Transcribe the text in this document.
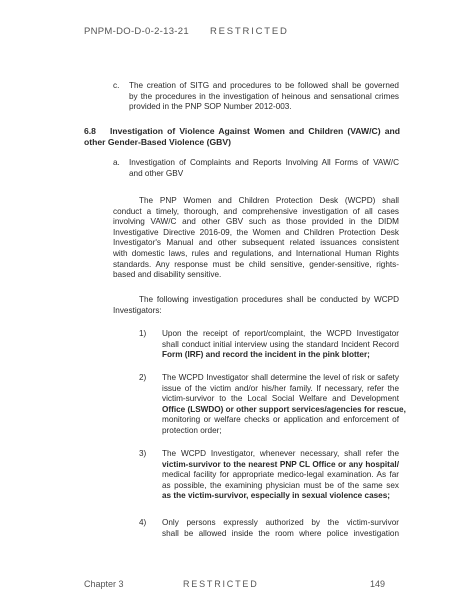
PNPM-DO-D-0-2-13-21 RESTRICTED
c. The creation of SITG and procedures to be followed shall be governed
by the procedures in the investigation of heinous and sensational crimes
provided in the PNP SOP Number 2012-003.
6.8	Investigation of Violence Against Women and Children (VAW/C) and
other Gender-Based Violence (GBV)
a. Investigation of Complaints and Reports Involving All Forms of VAW/C
and other GBV
The PNP Women and Children Protection Desk (WCPD) shall
conduct a timely, thorough, and comprehensive investigation of all cases
involving VAW/C and other GBV such as those provided in the DIDM
Investigative Directive 2016-09, the Women and Children Protection Desk
Investigator's Manual and other subsequent related issuances consistent
with domestic laws, rules and regulations, and International Human Rights
standards. Any response must be child sensitive, gender-sensitive, rights-
based and disability sensitive.
The following investigation procedures shall be conducted by WCPD
Investigators:
1) Upon the receipt of report/complaint, the WCPD Investigator
shall conduct initial interview using the standard Incident Record
Form (IRF) and record the incident in the pink blotter;
2) The WCPD Investigator shall determine the level of risk or safety
issue of the victim and/or his/her family. If necessary, refer the
victim-survivor to the Local Social Welfare and Development
Office (LSWDO) or other support services/agencies for rescue,
monitoring or welfare checks or application and enforcement of
protection order;
3) The WCPD Investigator, whenever necessary, shall refer the
victim-survivor to the nearest PNP CL Office or any hospital/
medical facility for appropriate medico-legal examination. As far
as possible, the examining physician must be of the same sex
as the victim-survivor, especially in sexual violence cases;
4) Only persons expressly authorized by the victim-survivor
shall be allowed inside the room where police investigation
Chapter 3	RESTRICTED	149
